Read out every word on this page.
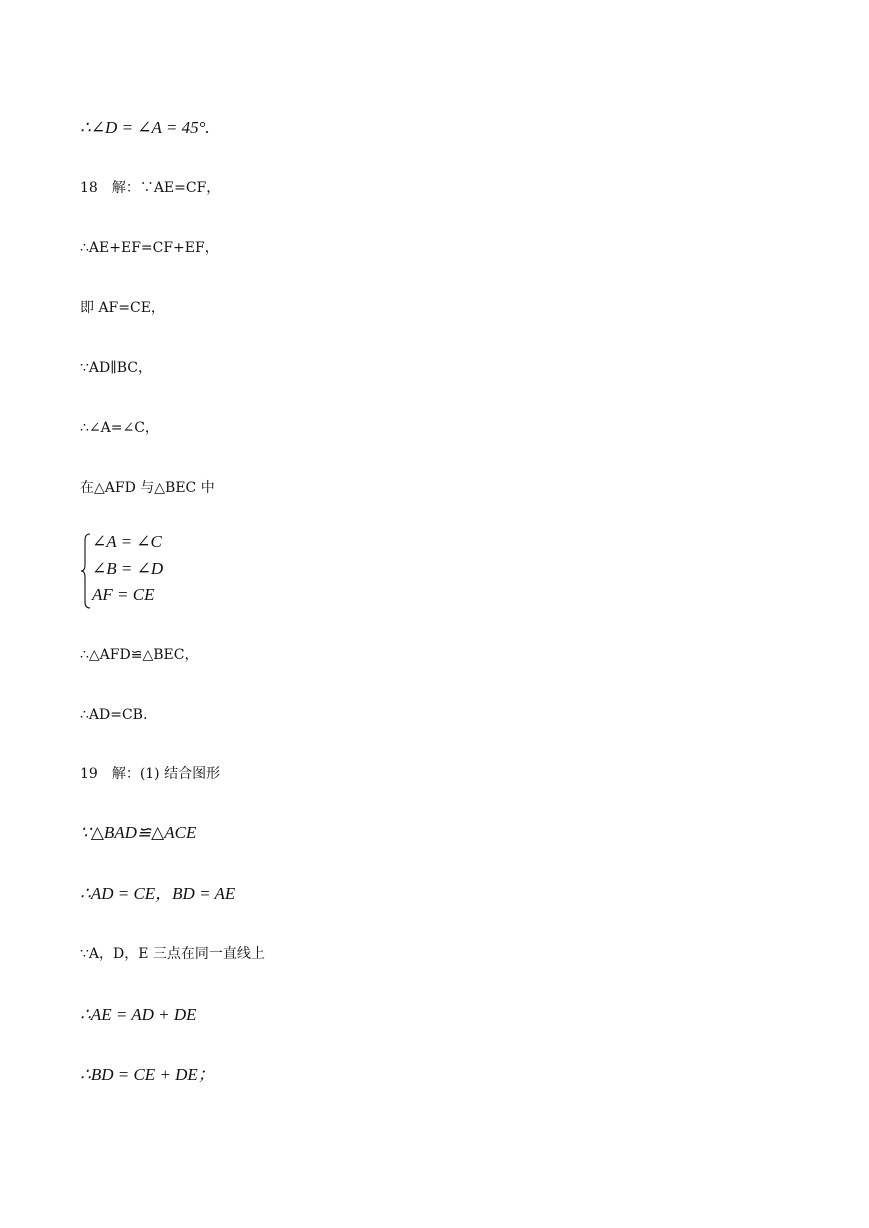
∴∠D = ∠A = 45°.
18　解：∵AE=CF，
∴AE+EF=CF+EF，
即 AF=CE，
∵AD∥BC，
∴∠A=∠C，
在△AFD 与△BEC 中
∠A = ∠C
∠B = ∠D
AF = CE
∴△AFD≌△BEC，
∴AD=CB.
19　解：(1) 结合图形
∵△BAD≌△ACE
∴AD = CE，BD = AE
∵A，D，E 三点在同一直线上
∴AE = AD + DE
∴BD = CE + DE；
